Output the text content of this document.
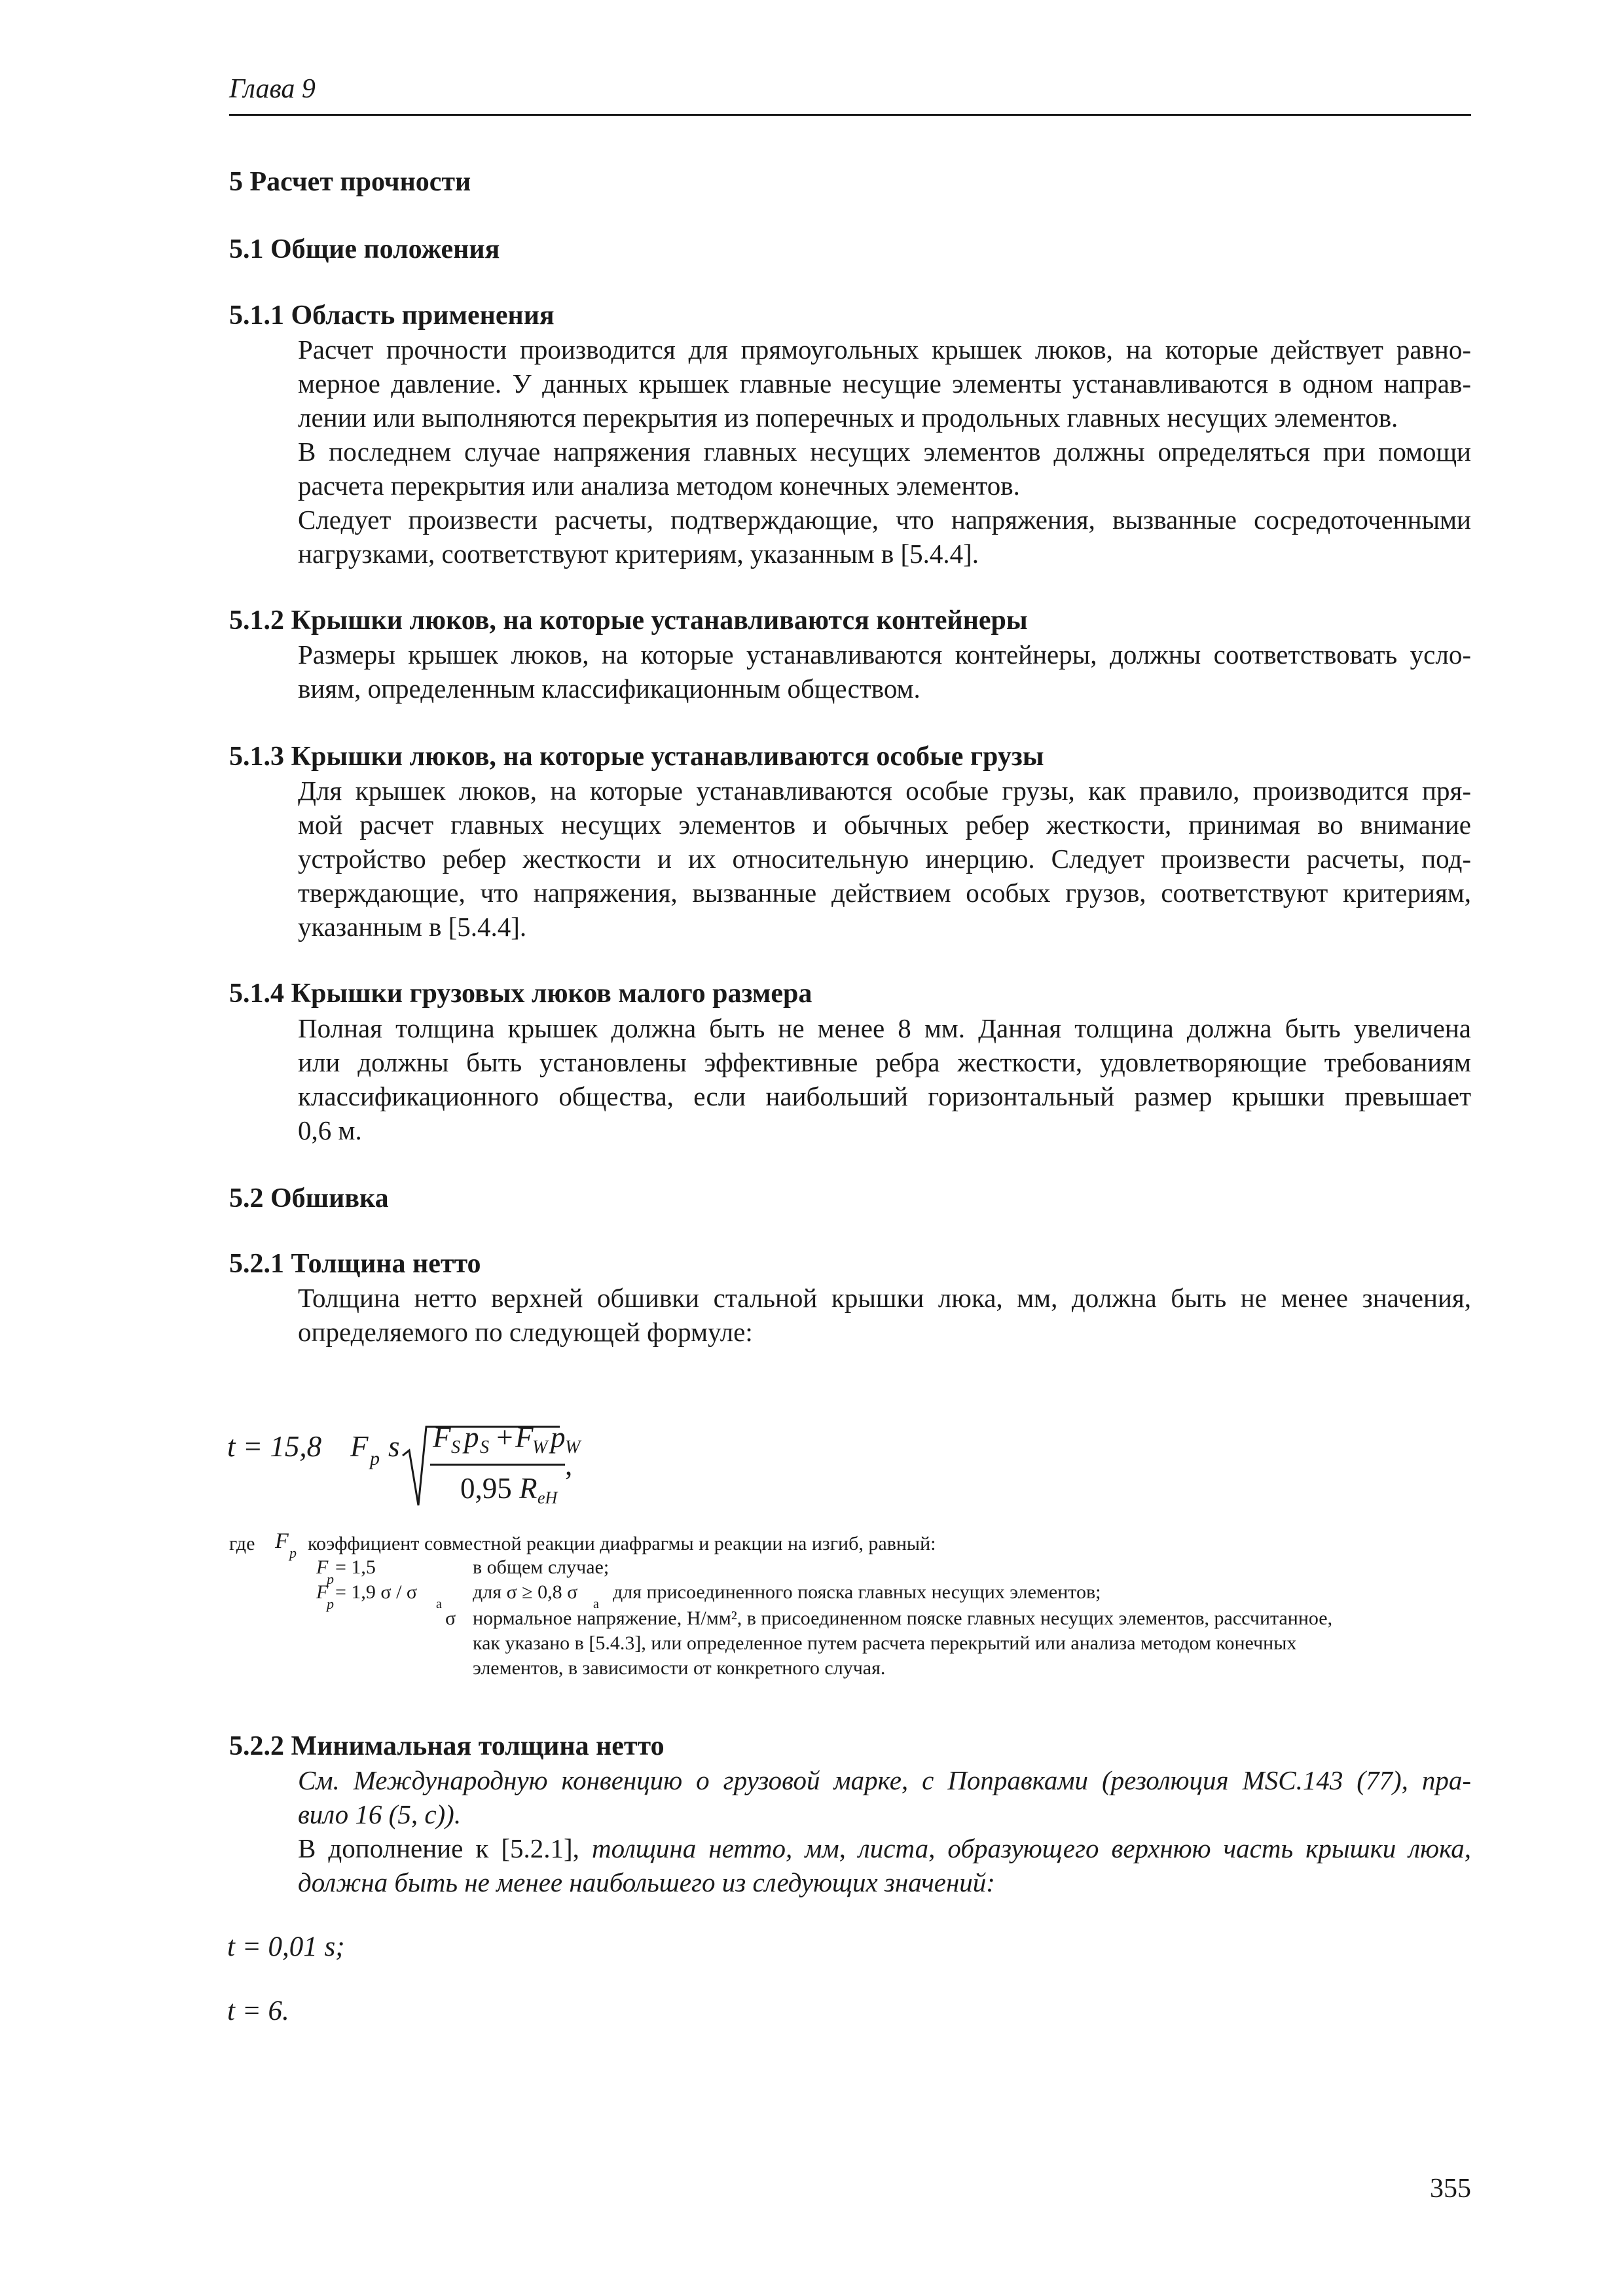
Глава 9
5 Расчет прочности
5.1 Общие положения
5.1.1 Область применения
Расчет прочности производится для прямоугольных крышек люков, на которые действует равно-
мерное давление. У данных крышек главные несущие элементы устанавливаются в одном направ-
лении или выполняются перекрытия из поперечных и продольных главных несущих элементов.
В последнем случае напряжения главных несущих элементов должны определяться при помощи
расчета перекрытия или анализа методом конечных элементов.
Следует произвести расчеты, подтверждающие, что напряжения, вызванные сосредоточенными
нагрузками, соответствуют критериям, указанным в [5.4.4].
5.1.2 Крышки люков, на которые устанавливаются контейнеры
Размеры крышек люков, на которые устанавливаются контейнеры, должны соответствовать усло-
виям, определенным классификационным обществом.
5.1.3 Крышки люков, на которые устанавливаются особые грузы
Для крышек люков, на которые устанавливаются особые грузы, как правило, производится пря-
мой расчет главных несущих элементов и обычных ребер жесткости, принимая во внимание
устройство ребер жесткости и их относительную инерцию. Следует произвести расчеты, под-
тверждающие, что напряжения, вызванные действием особых грузов, соответствуют критериям,
указанным в [5.4.4].
5.1.4 Крышки грузовых люков малого размера
Полная толщина крышек должна быть не менее 8 мм. Данная толщина должна быть увеличена
или должны быть установлены эффективные ребра жесткости, удовлетворяющие требованиям
классификационного общества, если наибольший горизонтальный размер крышки превышает
0,6 м.
5.2 Обшивка
5.2.1 Толщина нетто
Толщина нетто верхней обшивки стальной крышки люка, мм, должна быть не менее значения,
определяемого по следующей формуле:
t = 15,8 F p s F S p S +
F
W p W
0,95 R eH
,
где F p коэффициент совместной реакции диафрагмы и реакции на изгиб, равный:
F
p
= 1,5	в общем случае;
F
p
= 1,9 σ / σ
a
для σ ≥ 0,8 σ
a
для присоединенного пояска главных несущих элементов;
σ нормальное напряжение, Н/мм², в присоединенном пояске главных несущих элементов, рассчитанное,
как указано в [5.4.3], или определенное путем расчета перекрытий или анализа методом конечных
элементов, в зависимости от конкретного случая.
5.2.2 Минимальная толщина нетто
См. Международную конвенцию о грузовой марке, с Поправками (резолюция MSC.143 (77), пра-
вило 16 (5, c)).
В дополнение к [5.2.1], толщина нетто, мм, листа, образующего верхнюю часть крышки люка,
должна быть не менее наибольшего из следующих значений:
t = 0,01 s;
t = 6.
355
